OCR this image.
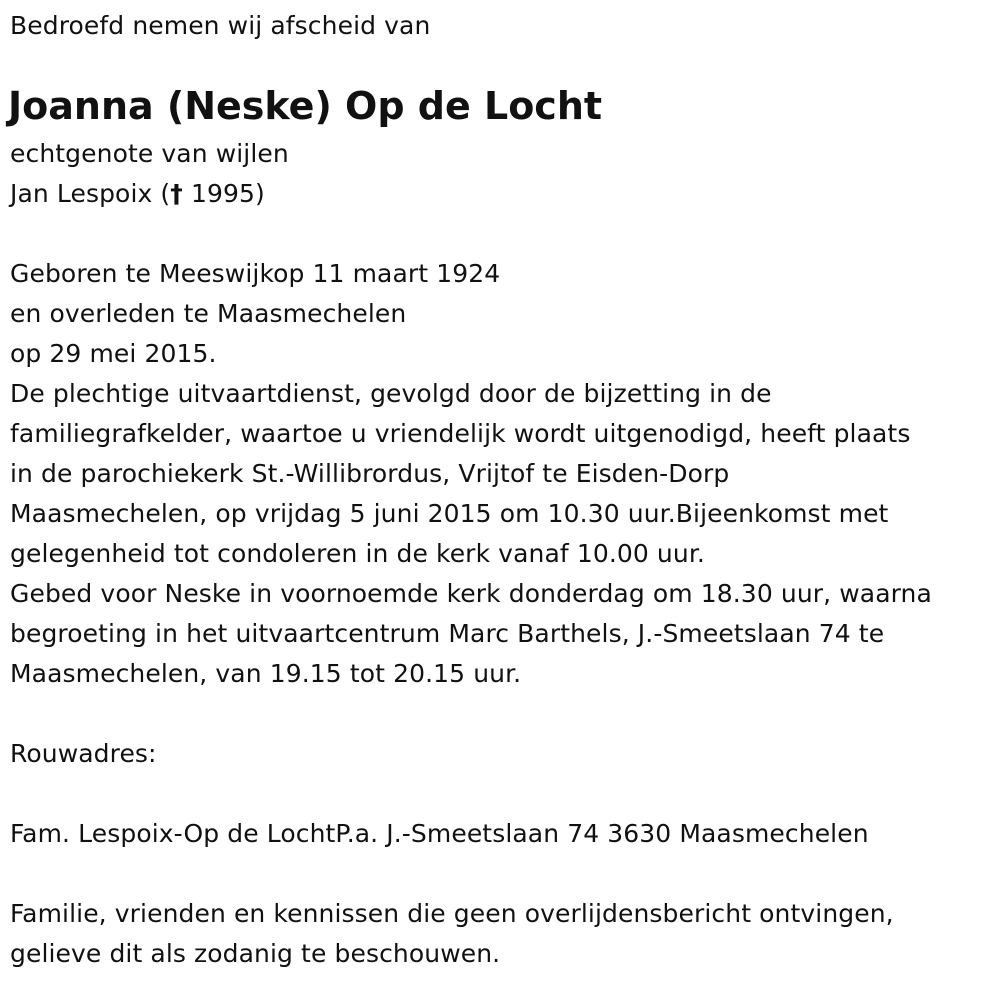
Bedroefd nemen wij afscheid van
Joanna (Neske) Op de Locht
echtgenote van wijlen
Jan Lespoix († 1995)
Geboren te Meeswijkop 11 maart 1924
en overleden te Maasmechelen
op 29 mei 2015.
De plechtige uitvaartdienst, gevolgd door de bijzetting in de
familiegrafkelder, waartoe u vriendelijk wordt uitgenodigd, heeft plaats
in de parochiekerk St.-Willibrordus, Vrijtof te Eisden-Dorp
Maasmechelen, op vrijdag 5 juni 2015 om 10.30 uur.Bijeenkomst met
gelegenheid tot condoleren in de kerk vanaf 10.00 uur.
Gebed voor Neske in voornoemde kerk donderdag om 18.30 uur, waarna
begroeting in het uitvaartcentrum Marc Barthels, J.-Smeetslaan 74 te
Maasmechelen, van 19.15 tot 20.15 uur.
Rouwadres:
Fam. Lespoix-Op de LochtP.a. J.-Smeetslaan 74 3630 Maasmechelen
Familie, vrienden en kennissen die geen overlijdensbericht ontvingen,
gelieve dit als zodanig te beschouwen.
